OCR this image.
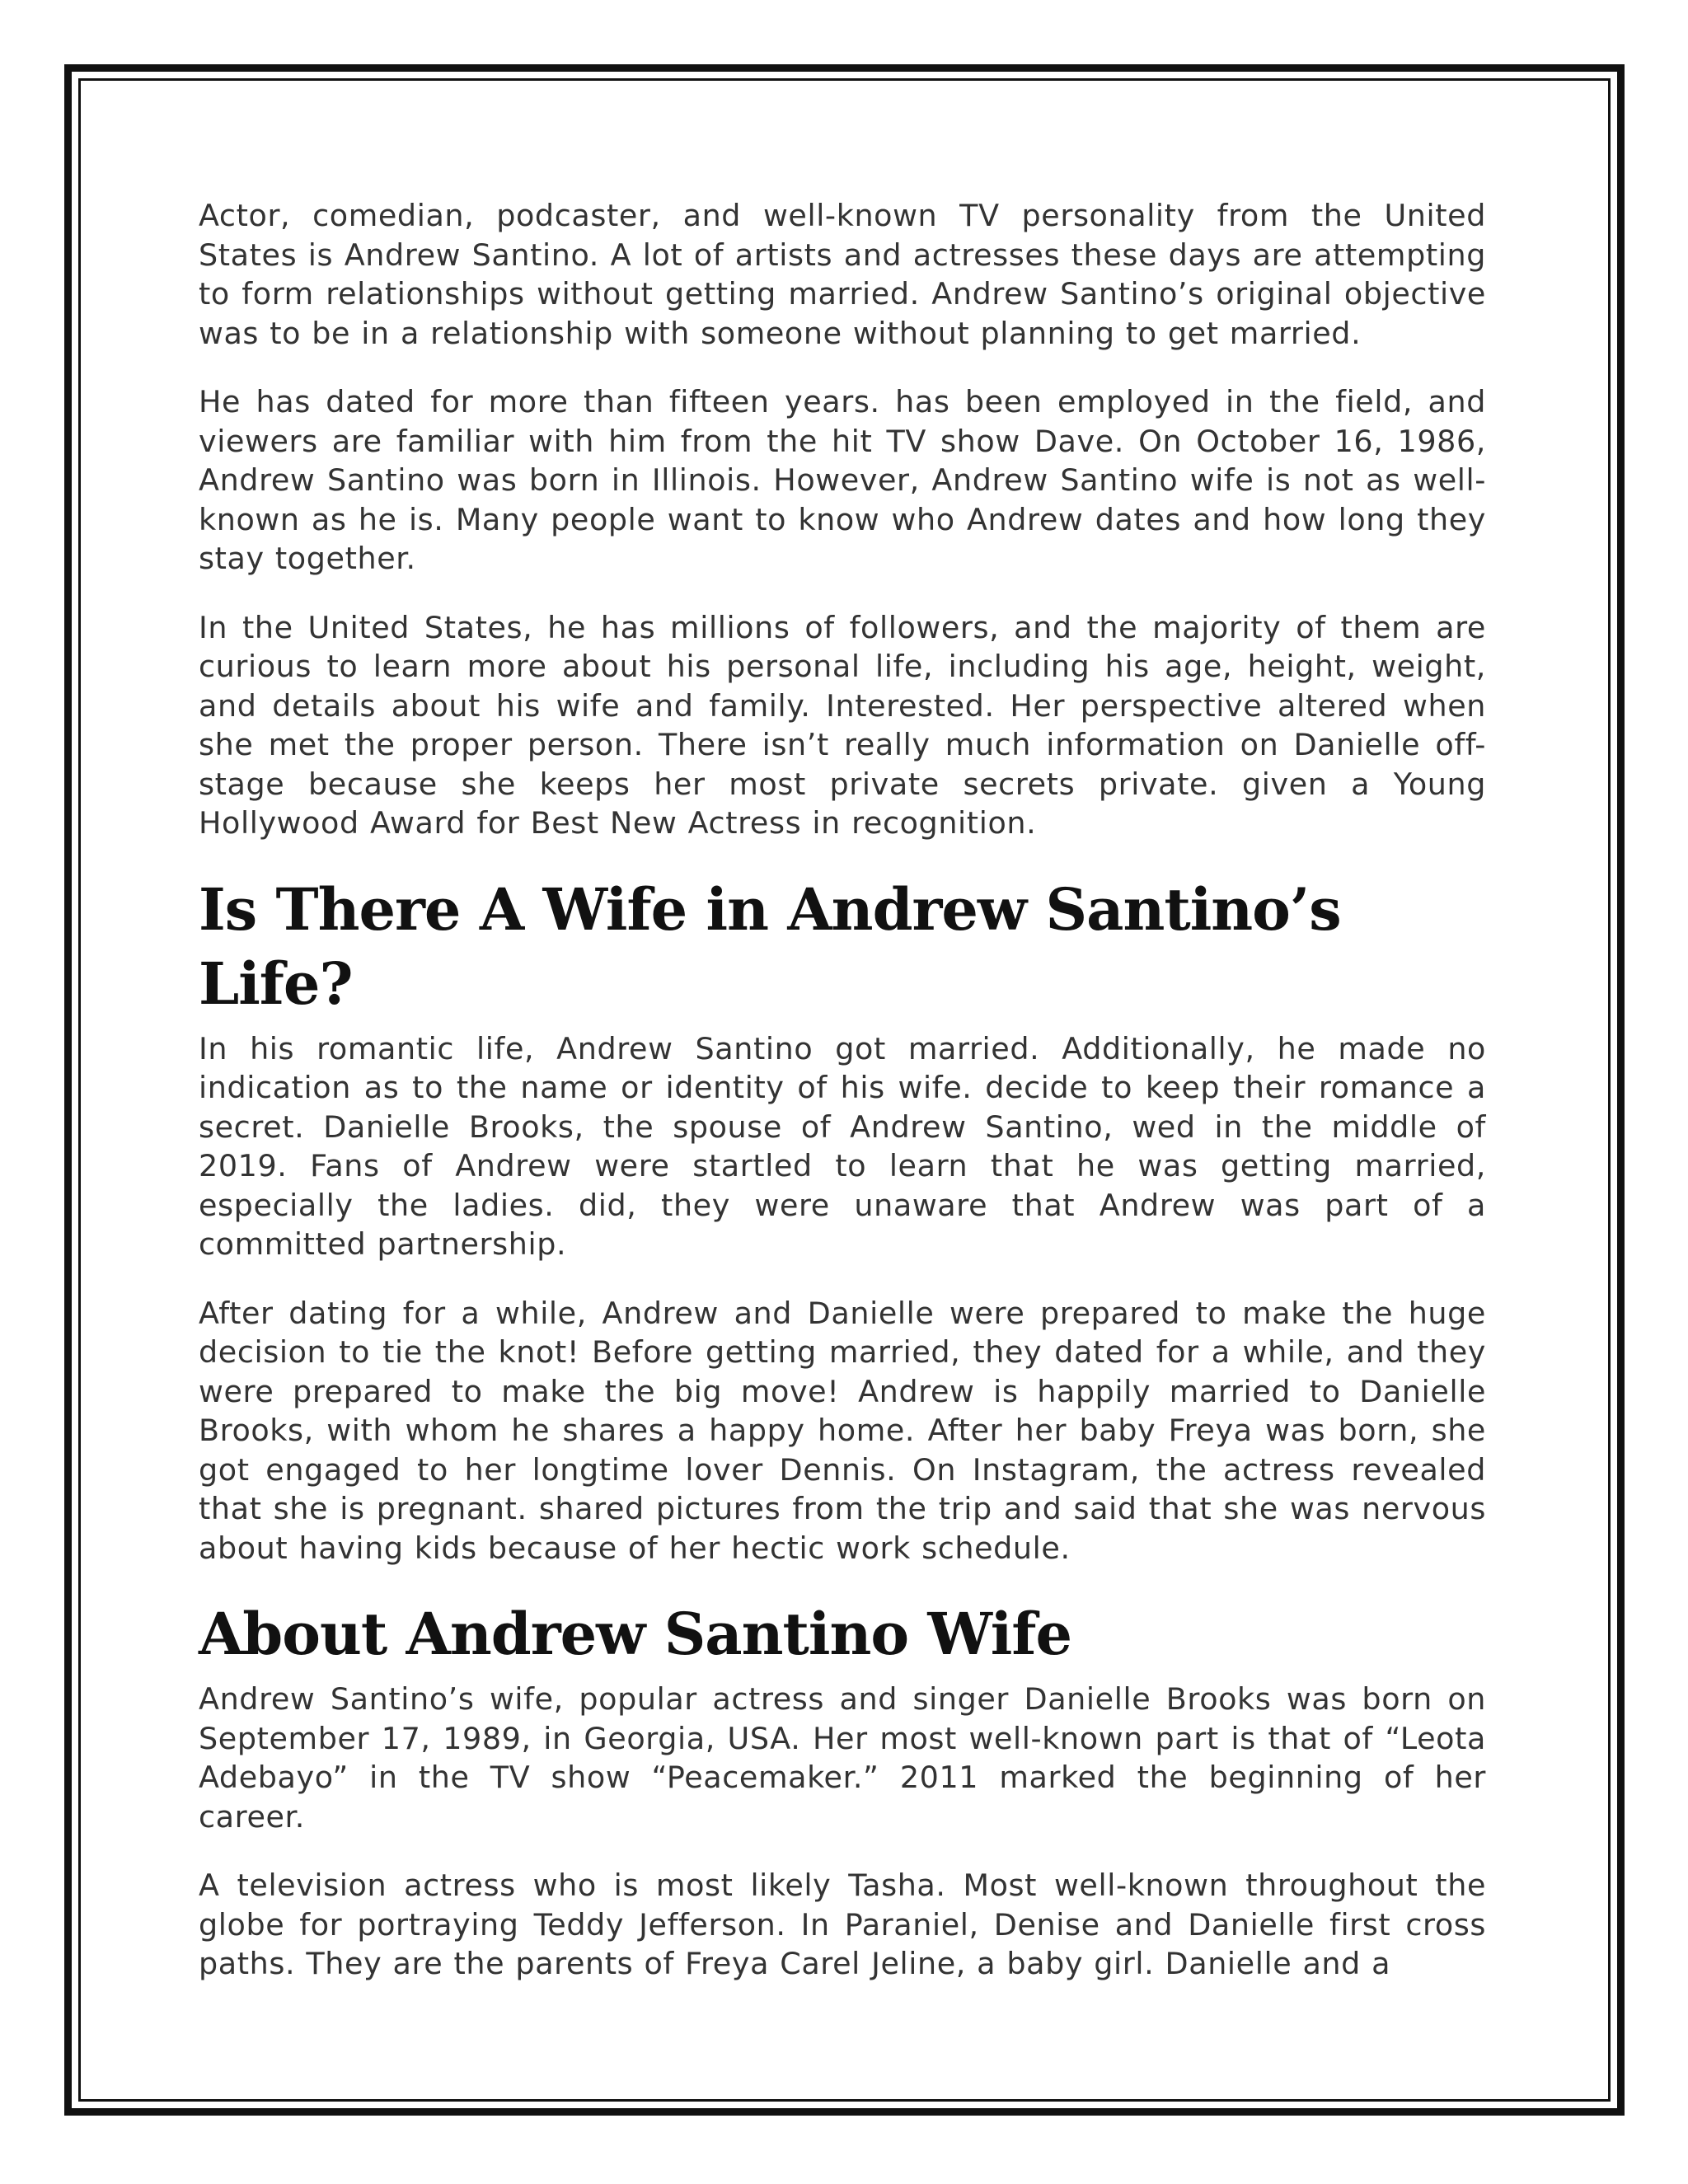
Actor, comedian, podcaster, and well-known TV personality from the United States is Andrew Santino. A lot of artists and actresses these days are attempting to form relationships without getting married. Andrew Santino’s original objective was to be in a relationship with someone without planning to get married.

He has dated for more than fifteen years. has been employed in the field, and viewers are familiar with him from the hit TV show Dave. On October 16, 1986, Andrew Santino was born in Illinois. However, Andrew Santino wife is not as well-known as he is. Many people want to know who Andrew dates and how long they stay together.

In the United States, he has millions of followers, and the majority of them are curious to learn more about his personal life, including his age, height, weight, and details about his wife and family. Interested. Her perspective altered when she met the proper person. There isn’t really much information on Danielle off-stage because she keeps her most private secrets private. given a Young Hollywood Award for Best New Actress in recognition.

Is There A Wife in Andrew Santino’s Life?

In his romantic life, Andrew Santino got married. Additionally, he made no indication as to the name or identity of his wife. decide to keep their romance a secret. Danielle Brooks, the spouse of Andrew Santino, wed in the middle of 2019. Fans of Andrew were startled to learn that he was getting married, especially the ladies. did, they were unaware that Andrew was part of a committed partnership.

After dating for a while, Andrew and Danielle were prepared to make the huge decision to tie the knot! Before getting married, they dated for a while, and they were prepared to make the big move! Andrew is happily married to Danielle Brooks, with whom he shares a happy home. After her baby Freya was born, she got engaged to her longtime lover Dennis. On Instagram, the actress revealed that she is pregnant. shared pictures from the trip and said that she was nervous about having kids because of her hectic work schedule.

About Andrew Santino Wife

Andrew Santino’s wife, popular actress and singer Danielle Brooks was born on September 17, 1989, in Georgia, USA. Her most well-known part is that of “Leota Adebayo” in the TV show “Peacemaker.” 2011 marked the beginning of her career.

A television actress who is most likely Tasha. Most well-known throughout the globe for portraying Teddy Jefferson. In Paraniel, Denise and Danielle first cross paths. They are the parents of Freya Carel Jeline, a baby girl. Danielle and a
